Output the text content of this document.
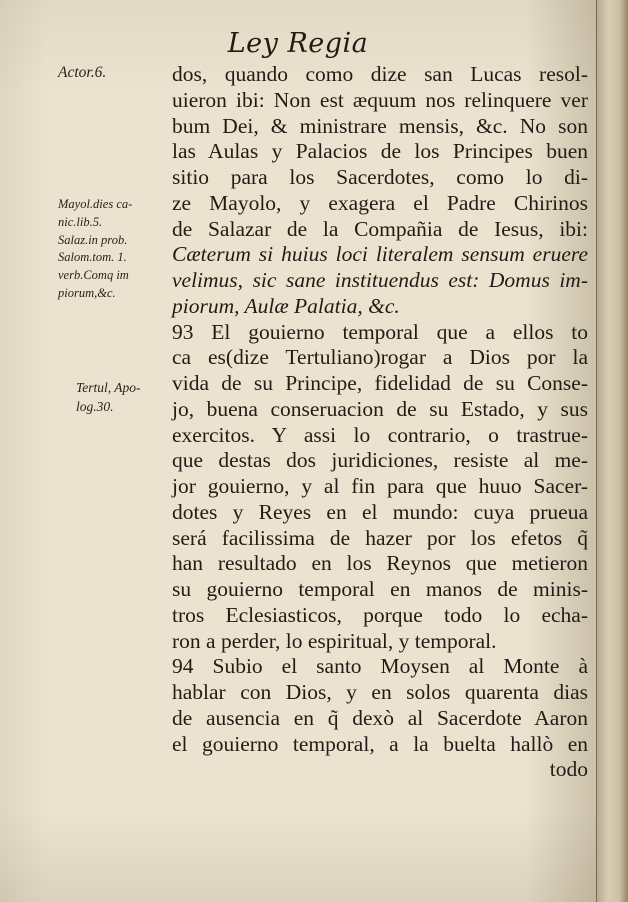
Ley Regia
Actor.6.
Mayol.dies ca-
nic.lib.5.
Salaz.in prob.
Salom.tom. 1.
verb.Comq im
piorum,&c.
Tertul, Apo-
log.30.
dos, quando como dize san Lucas resol-
uieron ibi: Non est æquum nos relinquere ver
bum Dei, & ministrare mensis, &c. No son
las Aulas y Palacios de los Principes buen
sitio para los Sacerdotes, como lo di-
ze Mayolo, y exagera el Padre Chirinos
de Salazar de la Compañia de Iesus, ibi:
Cæterum si huius loci literalem sensum eruere
velimus, sic sane instituendus est: Domus im-
piorum, Aulæ Palatia, &c.
93 El gouierno temporal que a ellos to
ca es(dize Tertuliano)rogar a Dios por la
vida de su Principe, fidelidad de su Conse-
jo, buena conseruacion de su Estado, y sus
exercitos. Y assi lo contrario, o trastrue-
que destas dos juridiciones, resiste al me-
jor gouierno, y al fin para que huuo Sacer-
dotes y Reyes en el mundo: cuya prueua
será facilissima de hazer por los efetos q̃
han resultado en los Reynos que metieron
su gouierno temporal en manos de minis-
tros Eclesiasticos, porque todo lo echa-
ron a perder, lo espiritual, y temporal.
94 Subio el santo Moysen al Monte à
hablar con Dios, y en solos quarenta dias
de ausencia en q̃ dexò al Sacerdote Aaron
el gouierno temporal, a la buelta hallò en
todo
